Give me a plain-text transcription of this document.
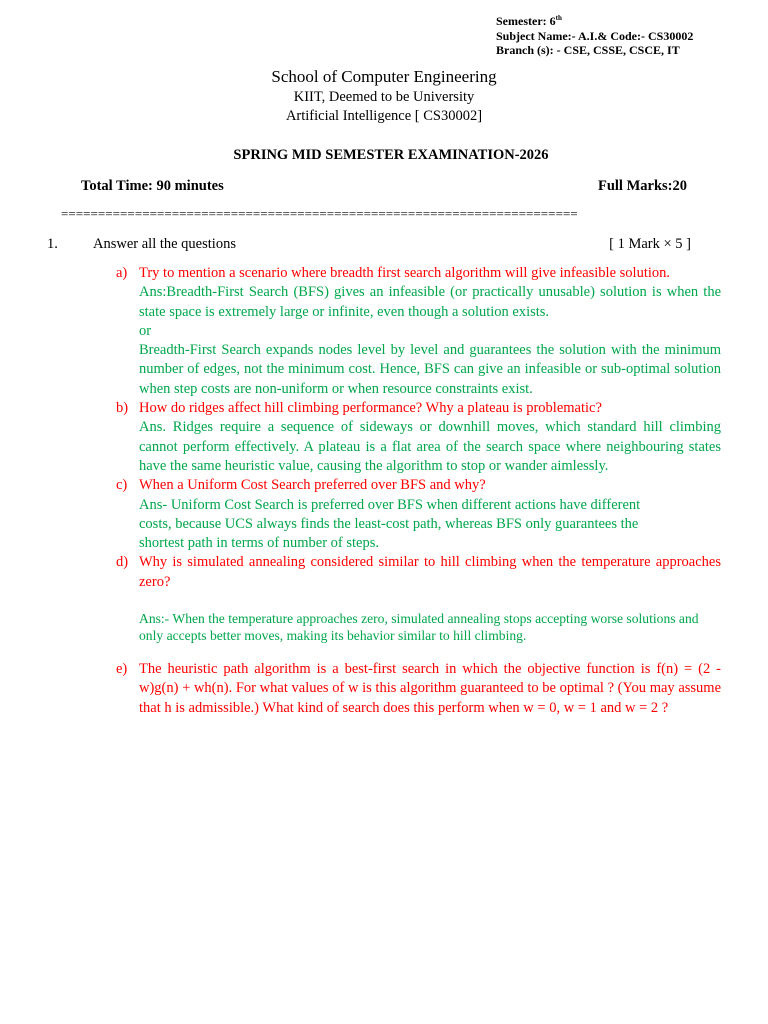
Semester: 6th
Subject Name:- A.I.& Code:- CS30002
Branch (s): - CSE, CSSE, CSCE, IT
School of Computer Engineering
KIIT, Deemed to be University
Artificial Intelligence [ CS30002]
SPRING MID SEMESTER EXAMINATION-2026
Total Time: 90 minutes	Full Marks:20
======================================================================
1. Answer all the questions	[ 1 Mark × 5 ]
a) Try to mention a scenario where breadth first search algorithm will give infeasible solution.
Ans:Breadth-First Search (BFS) gives an infeasible (or practically unusable) solution is when the state space is extremely large or infinite, even though a solution exists.
or
Breadth-First Search expands nodes level by level and guarantees the solution with the minimum number of edges, not the minimum cost. Hence, BFS can give an infeasible or sub-optimal solution when step costs are non-uniform or when resource constraints exist.
b) How do ridges affect hill climbing performance? Why a plateau is problematic?
Ans. Ridges require a sequence of sideways or downhill moves, which standard hill climbing cannot perform effectively. A plateau is a flat area of the search space where neighbouring states have the same heuristic value, causing the algorithm to stop or wander aimlessly.
c) When a Uniform Cost Search preferred over BFS and why?
Ans- Uniform Cost Search is preferred over BFS when different actions have different
costs, because UCS always finds the least-cost path, whereas BFS only guarantees the
shortest path in terms of number of steps.
d) Why is simulated annealing considered similar to hill climbing when the temperature approaches zero?
Ans:- When the temperature approaches zero, simulated annealing stops accepting worse solutions and only accepts better moves, making its behavior similar to hill climbing.
e) The heuristic path algorithm is a best-first search in which the objective function is f(n) = (2 - w)g(n) + wh(n). For what values of w is this algorithm guaranteed to be optimal ? (You may assume that h is admissible.) What kind of search does this perform when w = 0, w = 1 and w = 2 ?
